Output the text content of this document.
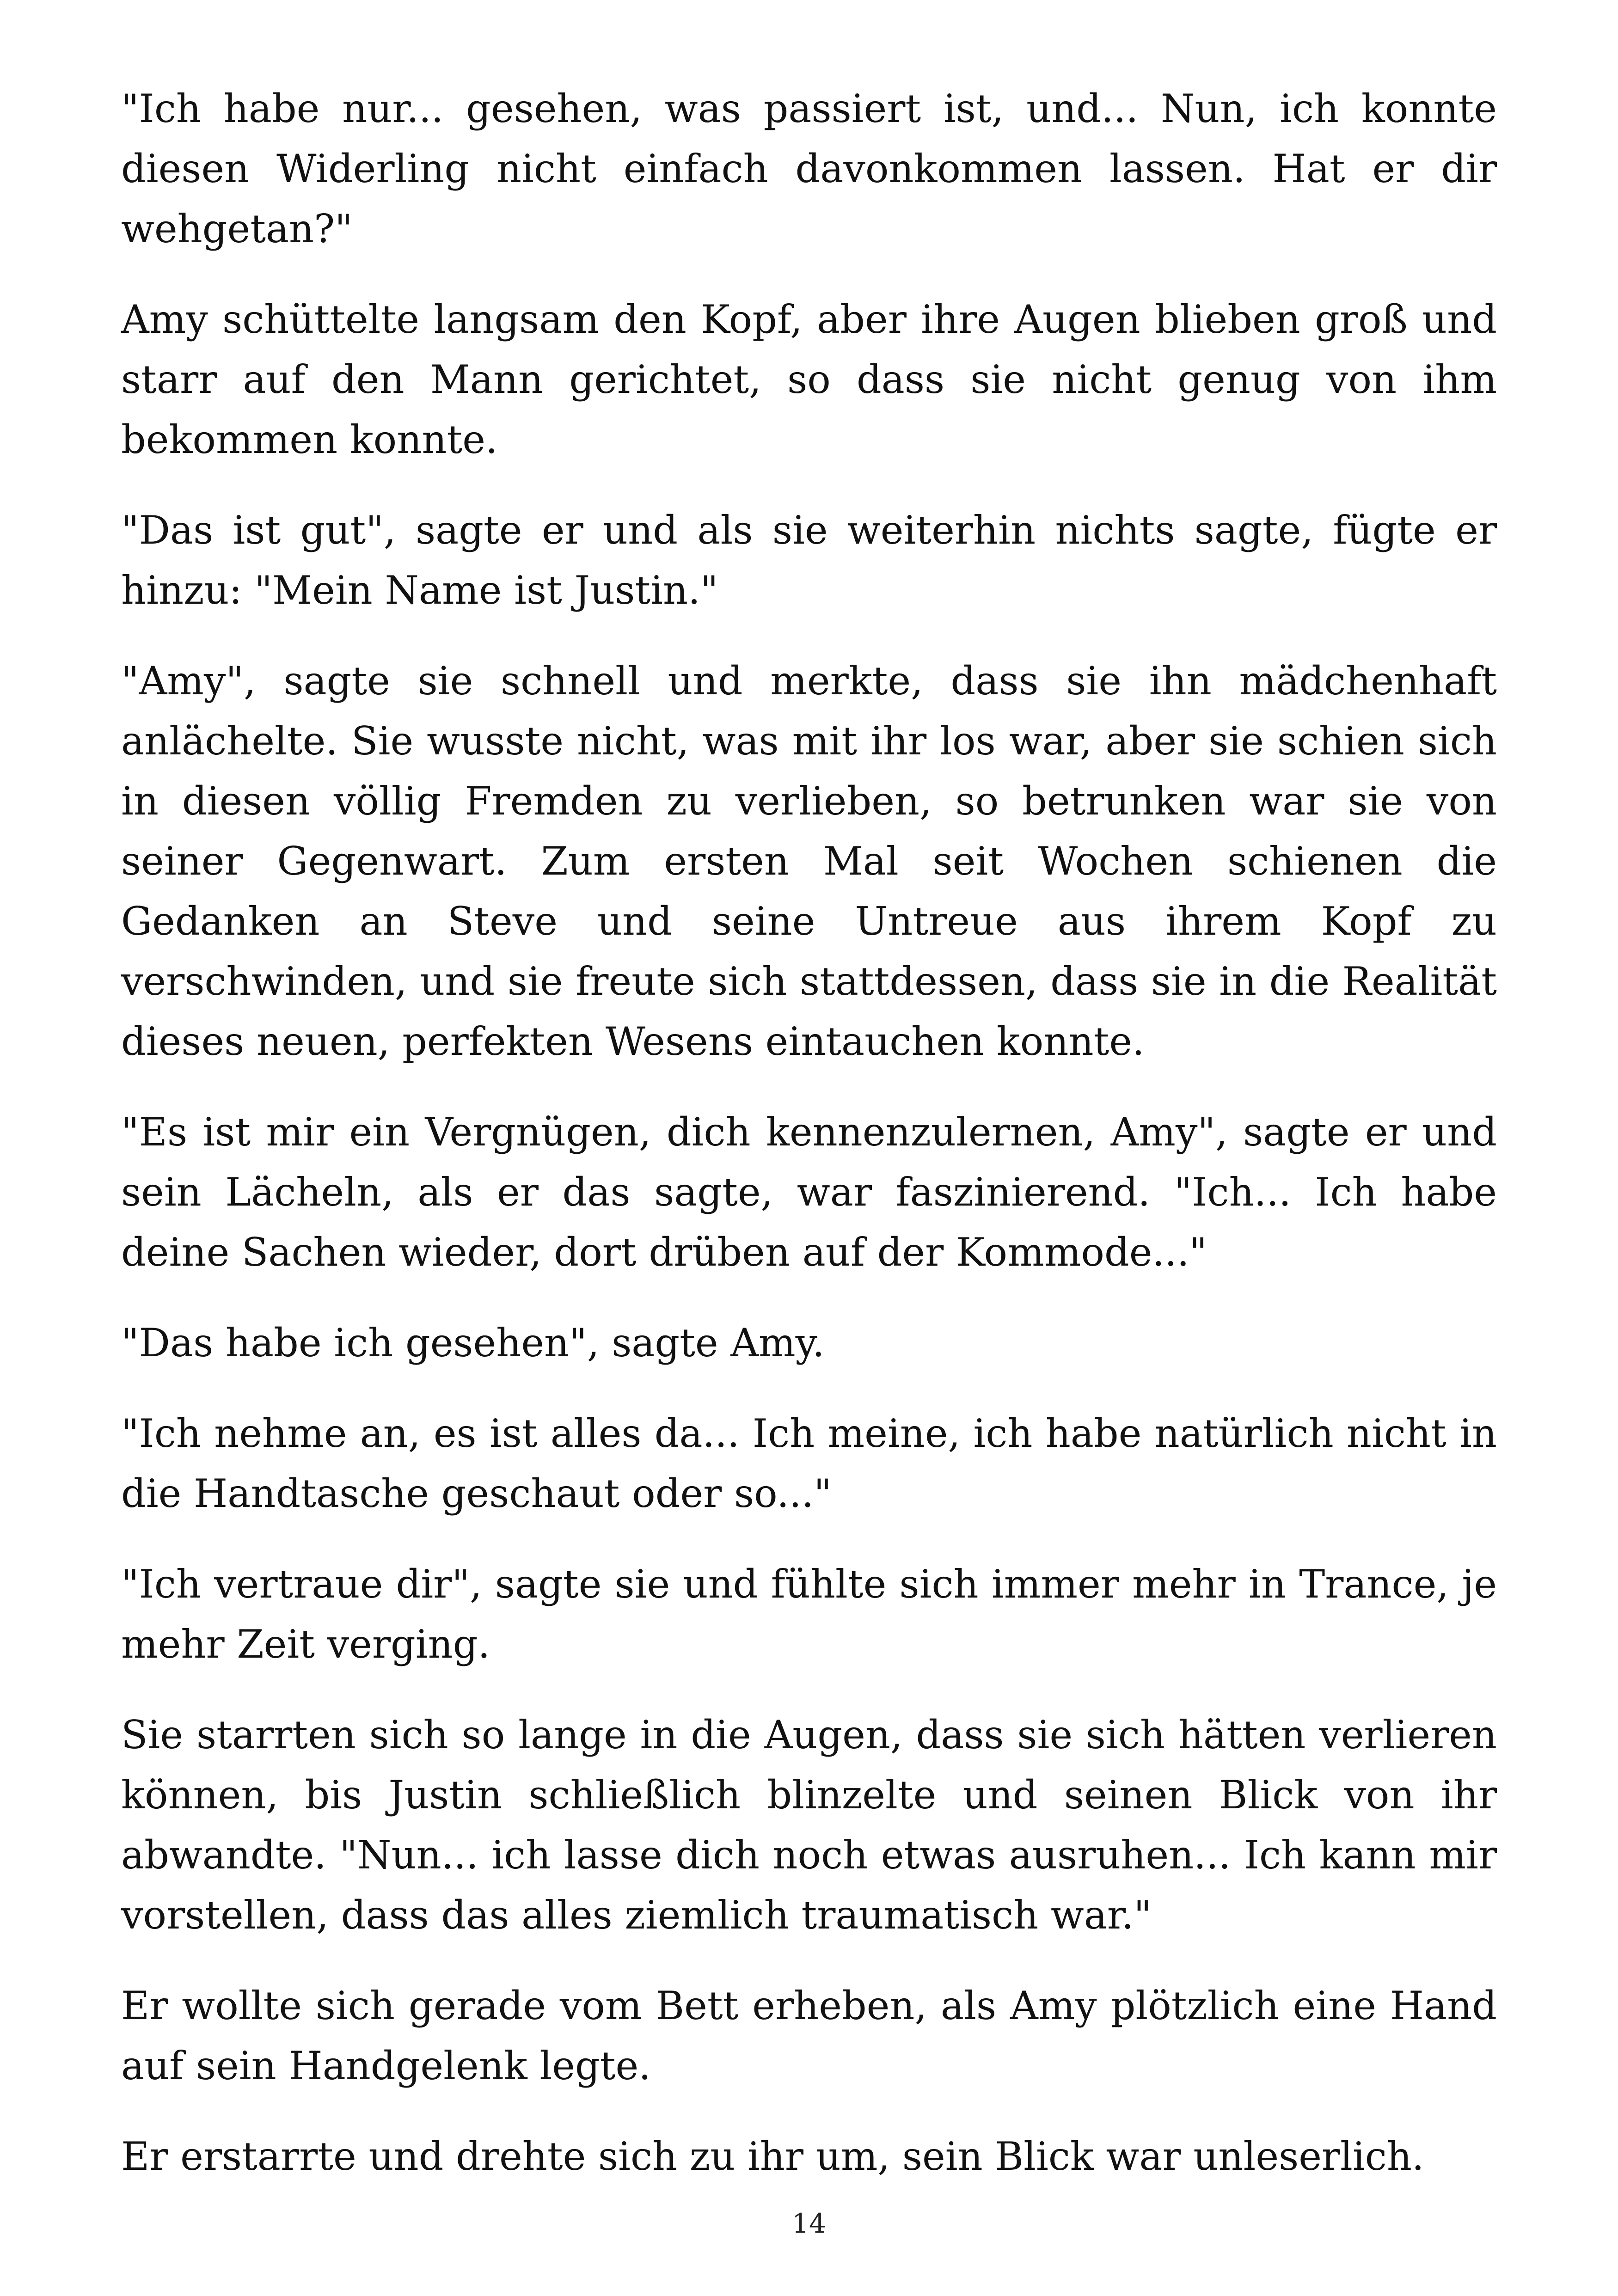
"Ich habe nur... gesehen, was passiert ist, und... Nun, ich konnte diesen Widerling nicht einfach davonkommen lassen. Hat er dir wehgetan?"

Amy schüttelte langsam den Kopf, aber ihre Augen blieben groß und starr auf den Mann gerichtet, so dass sie nicht genug von ihm bekommen konnte.

"Das ist gut", sagte er und als sie weiterhin nichts sagte, fügte er hinzu: "Mein Name ist Justin."

"Amy", sagte sie schnell und merkte, dass sie ihn mädchenhaft anlächelte. Sie wusste nicht, was mit ihr los war, aber sie schien sich in diesen völlig Fremden zu verlieben, so betrunken war sie von seiner Gegenwart. Zum ersten Mal seit Wochen schienen die Gedanken an Steve und seine Untreue aus ihrem Kopf zu verschwinden, und sie freute sich stattdessen, dass sie in die Realität dieses neuen, perfekten Wesens eintauchen konnte.

"Es ist mir ein Vergnügen, dich kennenzulernen, Amy", sagte er und sein Lächeln, als er das sagte, war faszinierend. "Ich... Ich habe deine Sachen wieder, dort drüben auf der Kommode..."

"Das habe ich gesehen", sagte Amy.

"Ich nehme an, es ist alles da... Ich meine, ich habe natürlich nicht in die Handtasche geschaut oder so..."

"Ich vertraue dir", sagte sie und fühlte sich immer mehr in Trance, je mehr Zeit verging.

Sie starrten sich so lange in die Augen, dass sie sich hätten verlieren können, bis Justin schließlich blinzelte und seinen Blick von ihr abwandte. "Nun... ich lasse dich noch etwas ausruhen... Ich kann mir vorstellen, dass das alles ziemlich traumatisch war."

Er wollte sich gerade vom Bett erheben, als Amy plötzlich eine Hand auf sein Handgelenk legte.

Er erstarrte und drehte sich zu ihr um, sein Blick war unleserlich.

14
